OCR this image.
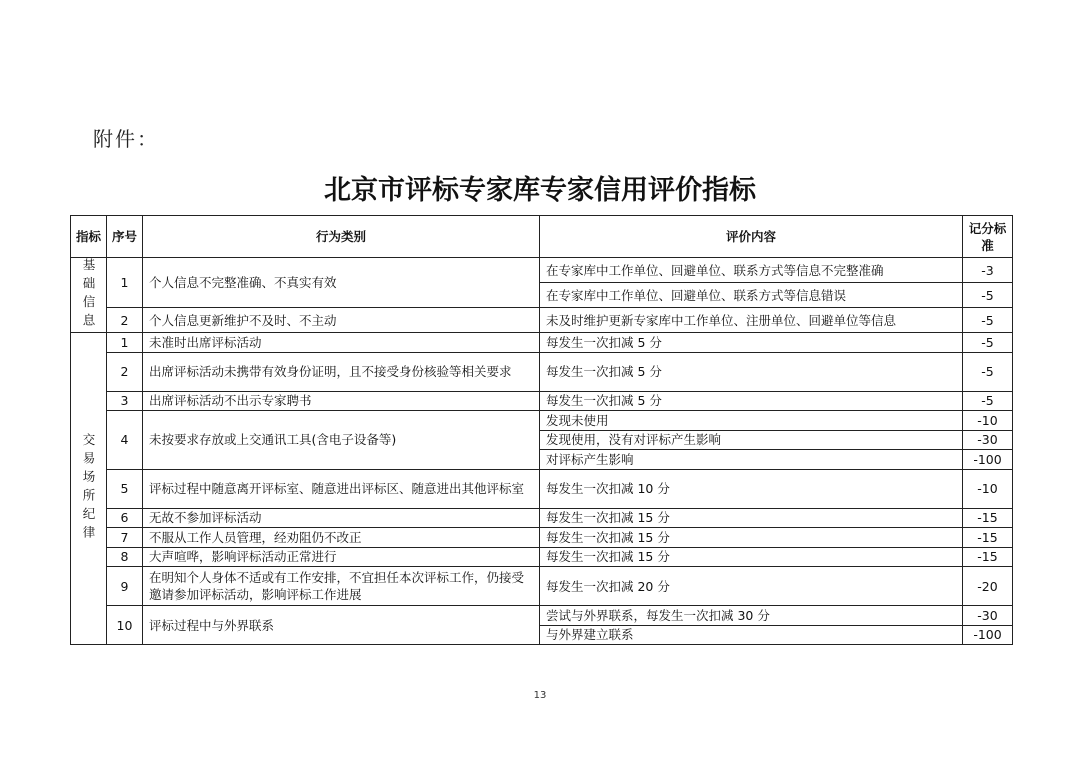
附件：
北京市评标专家库专家信用评价指标
指标	序号	行为类别	评价内容	记分标准
基础信息	1	个人信息不完整准确、不真实有效	在专家库中工作单位、回避单位、联系方式等信息不完整准确	-3
			在专家库中工作单位、回避单位、联系方式等信息错误	-5
	2	个人信息更新维护不及时、不主动	未及时维护更新专家库中工作单位、注册单位、回避单位等信息	-5
交易场所纪律	1	未准时出席评标活动	每发生一次扣减 5 分	-5
	2	出席评标活动未携带有效身份证明，且不接受身份核验等相关要求	每发生一次扣减 5 分	-5
	3	出席评标活动不出示专家聘书	每发生一次扣减 5 分	-5
	4	未按要求存放或上交通讯工具(含电子设备等)	发现未使用	-10
			发现使用，没有对评标产生影响	-30
			对评标产生影响	-100
	5	评标过程中随意离开评标室、随意进出评标区、随意进出其他评标室	每发生一次扣减 10 分	-10
	6	无故不参加评标活动	每发生一次扣减 15 分	-15
	7	不服从工作人员管理，经劝阻仍不改正	每发生一次扣减 15 分	-15
	8	大声喧哗，影响评标活动正常进行	每发生一次扣减 15 分	-15
	9	在明知个人身体不适或有工作安排，不宜担任本次评标工作，仍接受邀请参加评标活动，影响评标工作进展	每发生一次扣减 20 分	-20
	10	评标过程中与外界联系	尝试与外界联系，每发生一次扣减 30 分	-30
			与外界建立联系	-100
13
